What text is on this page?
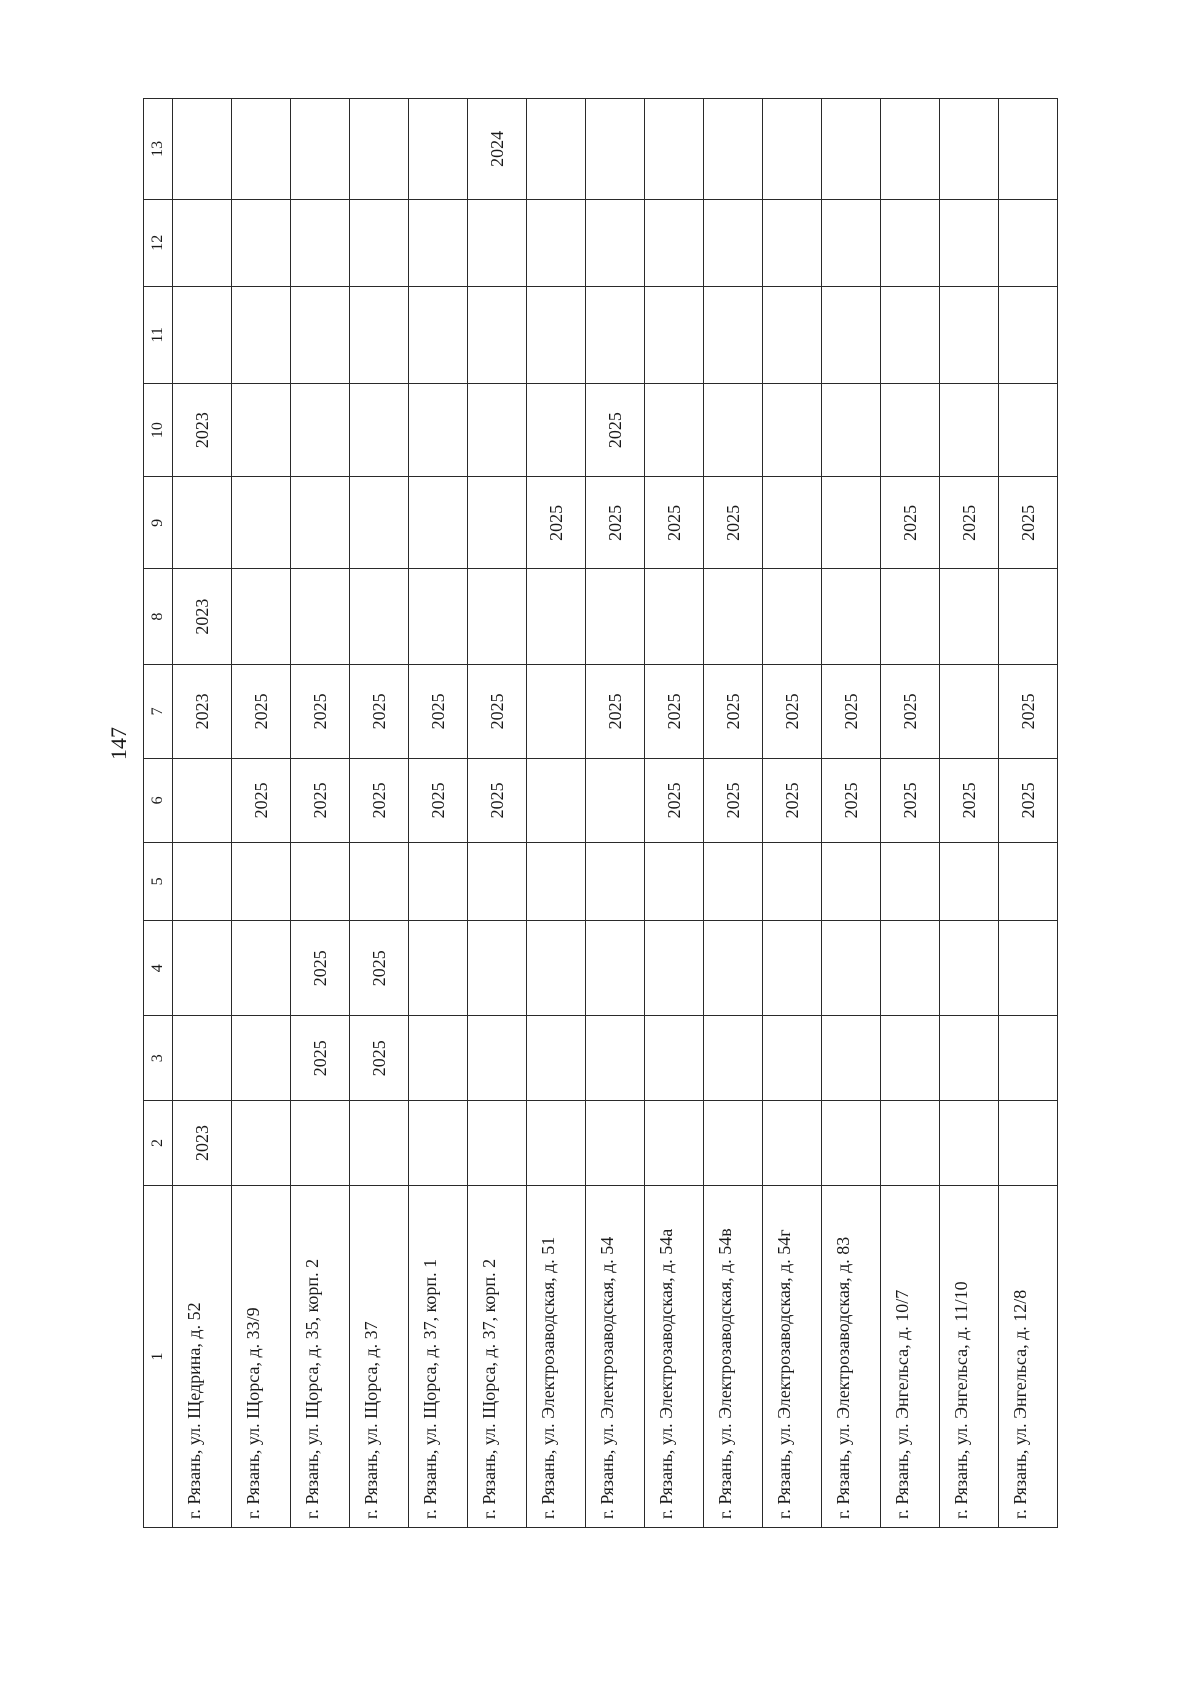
147
1	2	3	4	5	6	7	8	9	10	11	12	13
г. Рязань, ул. Щедрина, д. 52	2023					2023	2023		2023			
г. Рязань, ул. Щорса, д. 33/9					2025	2025						
г. Рязань, ул. Щорса, д. 35, корп. 2		2025	2025		2025	2025						
г. Рязань, ул. Щорса, д. 37		2025	2025		2025	2025						
г. Рязань, ул. Щорса, д. 37, корп. 1					2025	2025						
г. Рязань, ул. Щорса, д. 37, корп. 2					2025	2025						2024
г. Рязань, ул. Электрозаводская, д. 51								2025				
г. Рязань, ул. Электрозаводская, д. 54						2025		2025	2025			
г. Рязань, ул. Электрозаводская, д. 54а					2025	2025		2025				
г. Рязань, ул. Электрозаводская, д. 54в					2025	2025		2025				
г. Рязань, ул. Электрозаводская, д. 54г					2025	2025						
г. Рязань, ул. Электрозаводская, д. 83					2025	2025						
г. Рязань, ул. Энгельса, д. 10/7					2025	2025		2025				
г. Рязань, ул. Энгельса, д. 11/10					2025			2025				
г. Рязань, ул. Энгельса, д. 12/8					2025	2025		2025				
